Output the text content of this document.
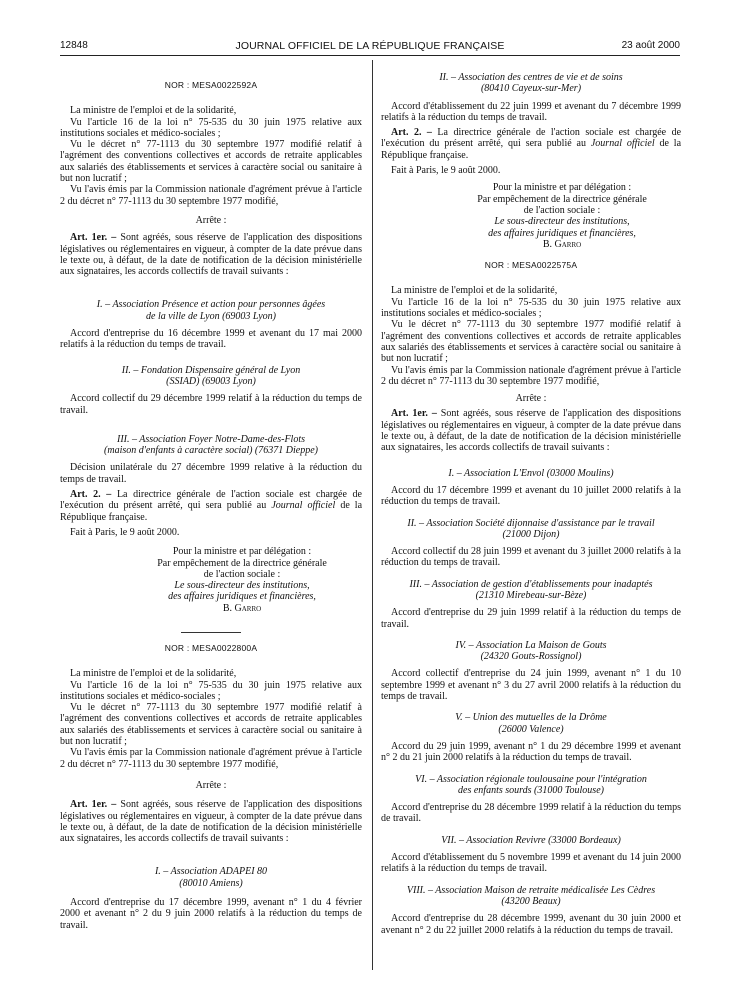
12848	JOURNAL OFFICIEL DE LA RÉPUBLIQUE FRANÇAISE	23 août 2000

NOR : MESA0022592A

La ministre de l'emploi et de la solidarité,

Vu l'article 16 de la loi n° 75-535 du 30 juin 1975 relative aux institutions sociales et médico-sociales ;

Vu le décret n° 77-1113 du 30 septembre 1977 modifié relatif à l'agrément des conventions collectives et accords de retraite applicables aux salariés des établissements et services à caractère social ou sanitaire à but non lucratif ;

Vu l'avis émis par la Commission nationale d'agrément prévue à l'article 2 du décret n° 77-1113 du 30 septembre 1977 modifié,

Arrête :

Art. 1er. – Sont agréés, sous réserve de l'application des dispositions législatives ou réglementaires en vigueur, à compter de la date prévue dans le texte ou, à défaut, de la date de notification de la décision ministérielle aux signataires, les accords collectifs de travail suivants :

I. – Association Présence et action pour personnes âgées de la ville de Lyon (69003 Lyon)

Accord d'entreprise du 16 décembre 1999 et avenant du 17 mai 2000 relatifs à la réduction du temps de travail.

II. – Fondation Dispensaire général de Lyon (SSIAD) (69003 Lyon)

Accord collectif du 29 décembre 1999 relatif à la réduction du temps de travail.

III. – Association Foyer Notre-Dame-des-Flots

(maison d'enfants à caractère social) (76371 Dieppe)

Décision unilatérale du 27 décembre 1999 relative à la réduction du temps de travail.

Art. 2. – La directrice générale de l'action sociale est chargée de l'exécution du présent arrêté, qui sera publié au Journal officiel de la République française.

Fait à Paris, le 9 août 2000.

Pour la ministre et par délégation :
Par empêchement de la directrice générale
de l'action sociale :
Le sous-directeur des institutions,
des affaires juridiques et financières,
B. Garro

NOR : MESA0022800A

La ministre de l'emploi et de la solidarité,

Vu l'article 16 de la loi n° 75-535 du 30 juin 1975 relative aux institutions sociales et médico-sociales ;

Vu le décret n° 77-1113 du 30 septembre 1977 modifié relatif à l'agrément des conventions collectives et accords de retraite applicables aux salariés des établissements et services à caractère social ou sanitaire à but non lucratif ;

Vu l'avis émis par la Commission nationale d'agrément prévue à l'article 2 du décret n° 77-1113 du 30 septembre 1977 modifié,

Arrête :

Art. 1er. – Sont agréés, sous réserve de l'application des dispositions législatives ou réglementaires en vigueur, à compter de la date prévue dans le texte ou, à défaut, de la date de notification de la décision ministérielle aux signataires, les accords collectifs de travail suivants :

I. – Association ADAPEI 80

(80010 Amiens)

Accord d'entreprise du 17 décembre 1999, avenant n° 1 du 4 février 2000 et avenant n° 2 du 9 juin 2000 relatifs à la réduction du temps de travail.

II. – Association des centres de vie et de soins

(80410 Cayeux-sur-Mer)

Accord d'établissement du 22 juin 1999 et avenant du 7 décembre 1999 relatifs à la réduction du temps de travail.

Art. 2. – La directrice générale de l'action sociale est chargée de l'exécution du présent arrêté, qui sera publié au Journal officiel de la République française.

Fait à Paris, le 9 août 2000.

Pour la ministre et par délégation :
Par empêchement de la directrice générale
de l'action sociale :
Le sous-directeur des institutions,
des affaires juridiques et financières,
B. Garro

NOR : MESA0022575A

La ministre de l'emploi et de la solidarité,

Vu l'article 16 de la loi n° 75-535 du 30 juin 1975 relative aux institutions sociales et médico-sociales ;

Vu le décret n° 77-1113 du 30 septembre 1977 modifié relatif à l'agrément des conventions collectives et accords de retraite applicables aux salariés des établissements et services à caractère social ou sanitaire à but non lucratif ;

Vu l'avis émis par la Commission nationale d'agrément prévue à l'article 2 du décret n° 77-1113 du 30 septembre 1977 modifié,

Arrête :

Art. 1er. – Sont agréés, sous réserve de l'application des dispositions législatives ou réglementaires en vigueur, à compter de la date prévue dans le texte ou, à défaut, de la date de notification de la décision ministérielle aux signataires, les accords collectifs de travail suivants :

I. – Association L'Envol (03000 Moulins)

Accord du 17 décembre 1999 et avenant du 10 juillet 2000 relatifs à la réduction du temps de travail.

II. – Association Société dijonnaise d'assistance par le travail

(21000 Dijon)

Accord collectif du 28 juin 1999 et avenant du 3 juillet 2000 relatifs à la réduction du temps de travail.

III. – Association de gestion d'établissements pour inadaptés

(21310 Mirebeau-sur-Bèze)

Accord d'entreprise du 29 juin 1999 relatif à la réduction du temps de travail.

IV. – Association La Maison de Gouts

(24320 Gouts-Rossignol)

Accord collectif d'entreprise du 24 juin 1999, avenant n° 1 du 10 septembre 1999 et avenant n° 3 du 27 avril 2000 relatifs à la réduction du temps de travail.

V. – Union des mutuelles de la Drôme

(26000 Valence)

Accord du 29 juin 1999, avenant n° 1 du 29 décembre 1999 et avenant n° 2 du 21 juin 2000 relatifs à la réduction du temps de travail.

VI. – Association régionale toulousaine pour l'intégration

des enfants sourds (31000 Toulouse)

Accord d'entreprise du 28 décembre 1999 relatif à la réduction du temps de travail.

VII. – Association Revivre (33000 Bordeaux)

Accord d'établissement du 5 novembre 1999 et avenant du 14 juin 2000 relatifs à la réduction du temps de travail.

VIII. – Association Maison de retraite médicalisée Les Cèdres

(43200 Beaux)

Accord d'entreprise du 28 décembre 1999, avenant du 30 juin 2000 et avenant n° 2 du 22 juillet 2000 relatifs à la réduction du temps de travail.
